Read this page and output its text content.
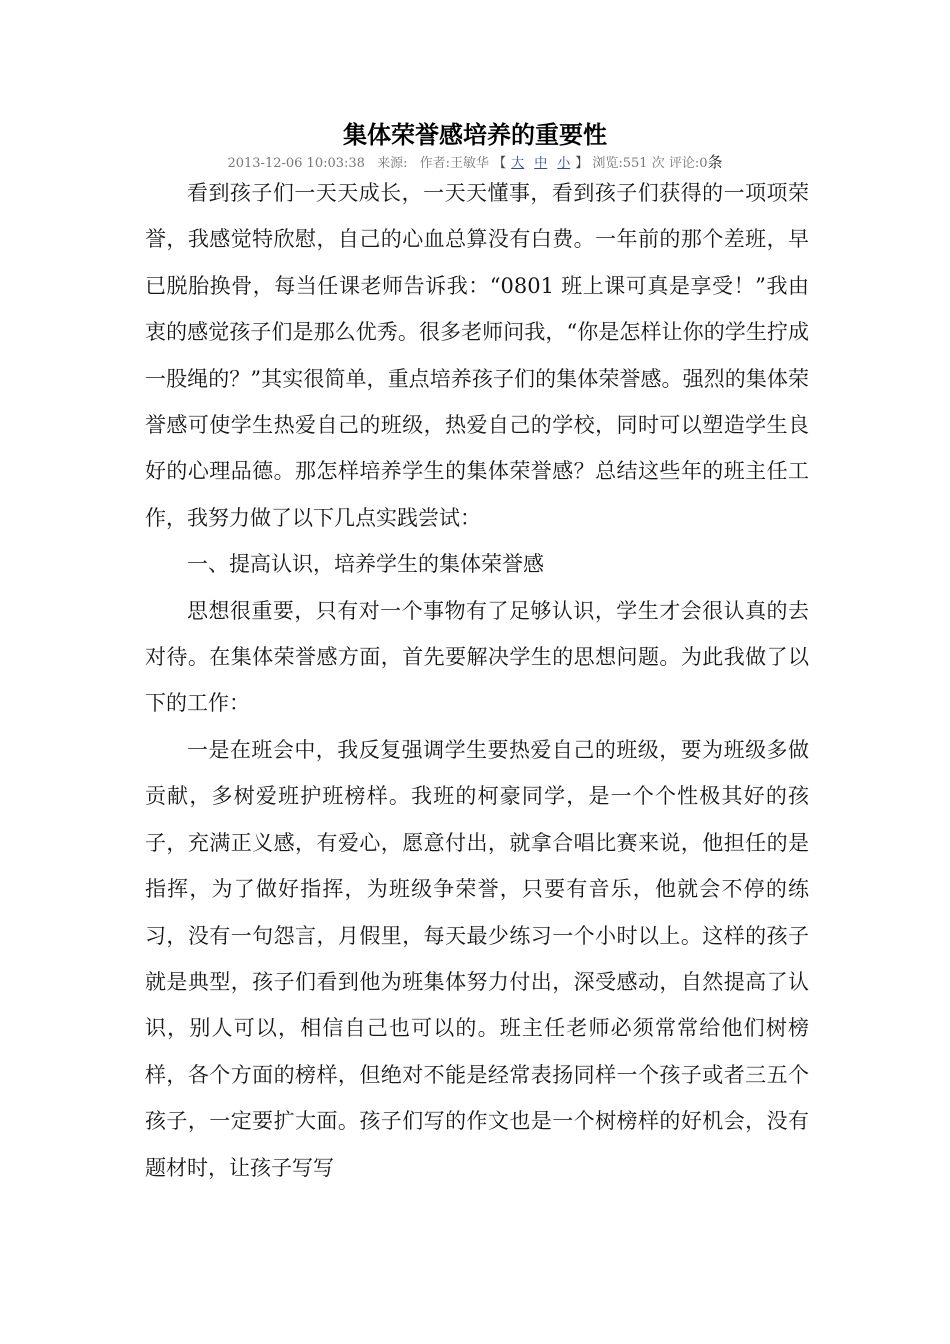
集体荣誉感培养的重要性
2013-12-06 10:03:38 来源: 作者:王敏华 【 大 中 小 】 浏览:551 次 评论:0条

看到孩子们一天天成长，一天天懂事，看到孩子们获得的一项项荣誉，我感觉特欣慰，自己的心血总算没有白费。一年前的那个差班，早已脱胎换骨，每当任课老师告诉我：“0801 班上课可真是享受！”我由衷的感觉孩子们是那么优秀。很多老师问我，“你是怎样让你的学生拧成一股绳的？”其实很简单，重点培养孩子们的集体荣誉感。强烈的集体荣誉感可使学生热爱自己的班级，热爱自己的学校，同时可以塑造学生良好的心理品德。那怎样培养学生的集体荣誉感？总结这些年的班主任工作，我努力做了以下几点实践尝试：

一、提高认识，培养学生的集体荣誉感

思想很重要，只有对一个事物有了足够认识，学生才会很认真的去对待。在集体荣誉感方面，首先要解决学生的思想问题。为此我做了以下的工作：

一是在班会中，我反复强调学生要热爱自己的班级，要为班级多做贡献，多树爱班护班榜样。我班的柯豪同学，是一个个性极其好的孩子，充满正义感，有爱心，愿意付出，就拿合唱比赛来说，他担任的是指挥，为了做好指挥，为班级争荣誉，只要有音乐，他就会不停的练习，没有一句怨言，月假里，每天最少练习一个小时以上。这样的孩子就是典型，孩子们看到他为班集体努力付出，深受感动，自然提高了认识，别人可以，相信自己也可以的。班主任老师必须常常给他们树榜样，各个方面的榜样，但绝对不能是经常表扬同样一个孩子或者三五个孩子，一定要扩大面。孩子们写的作文也是一个树榜样的好机会，没有题材时，让孩子写写
